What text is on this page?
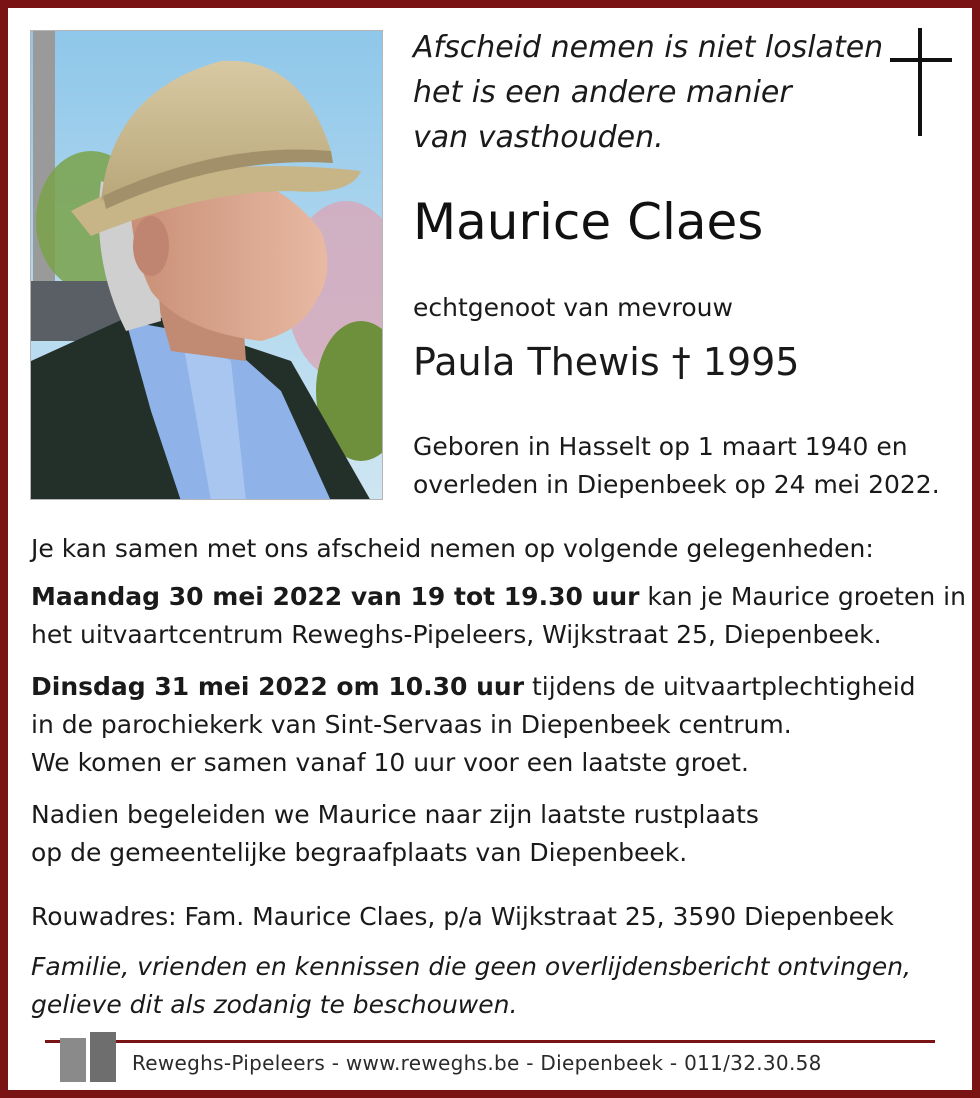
Afscheid nemen is niet loslaten
het is een andere manier
van vasthouden.
Maurice Claes
echtgenoot van mevrouw
Paula Thewis † 1995
Geboren in Hasselt op 1 maart 1940 en
overleden in Diepenbeek op 24 mei 2022.
Je kan samen met ons afscheid nemen op volgende gelegenheden:
Maandag 30 mei 2022 van 19 tot 19.30 uur kan je Maurice groeten in
het uitvaartcentrum Reweghs-Pipeleers, Wijkstraat 25, Diepenbeek.
Dinsdag 31 mei 2022 om 10.30 uur tijdens de uitvaartplechtigheid
in de parochiekerk van Sint-Servaas in Diepenbeek centrum.
We komen er samen vanaf 10 uur voor een laatste groet.
Nadien begeleiden we Maurice naar zijn laatste rustplaats
op de gemeentelijke begraafplaats van Diepenbeek.
Rouwadres: Fam. Maurice Claes, p/a Wijkstraat 25, 3590 Diepenbeek
Familie, vrienden en kennissen die geen overlijdensbericht ontvingen,
gelieve dit als zodanig te beschouwen.
Reweghs-Pipeleers - www.reweghs.be - Diepenbeek - 011/32.30.58
